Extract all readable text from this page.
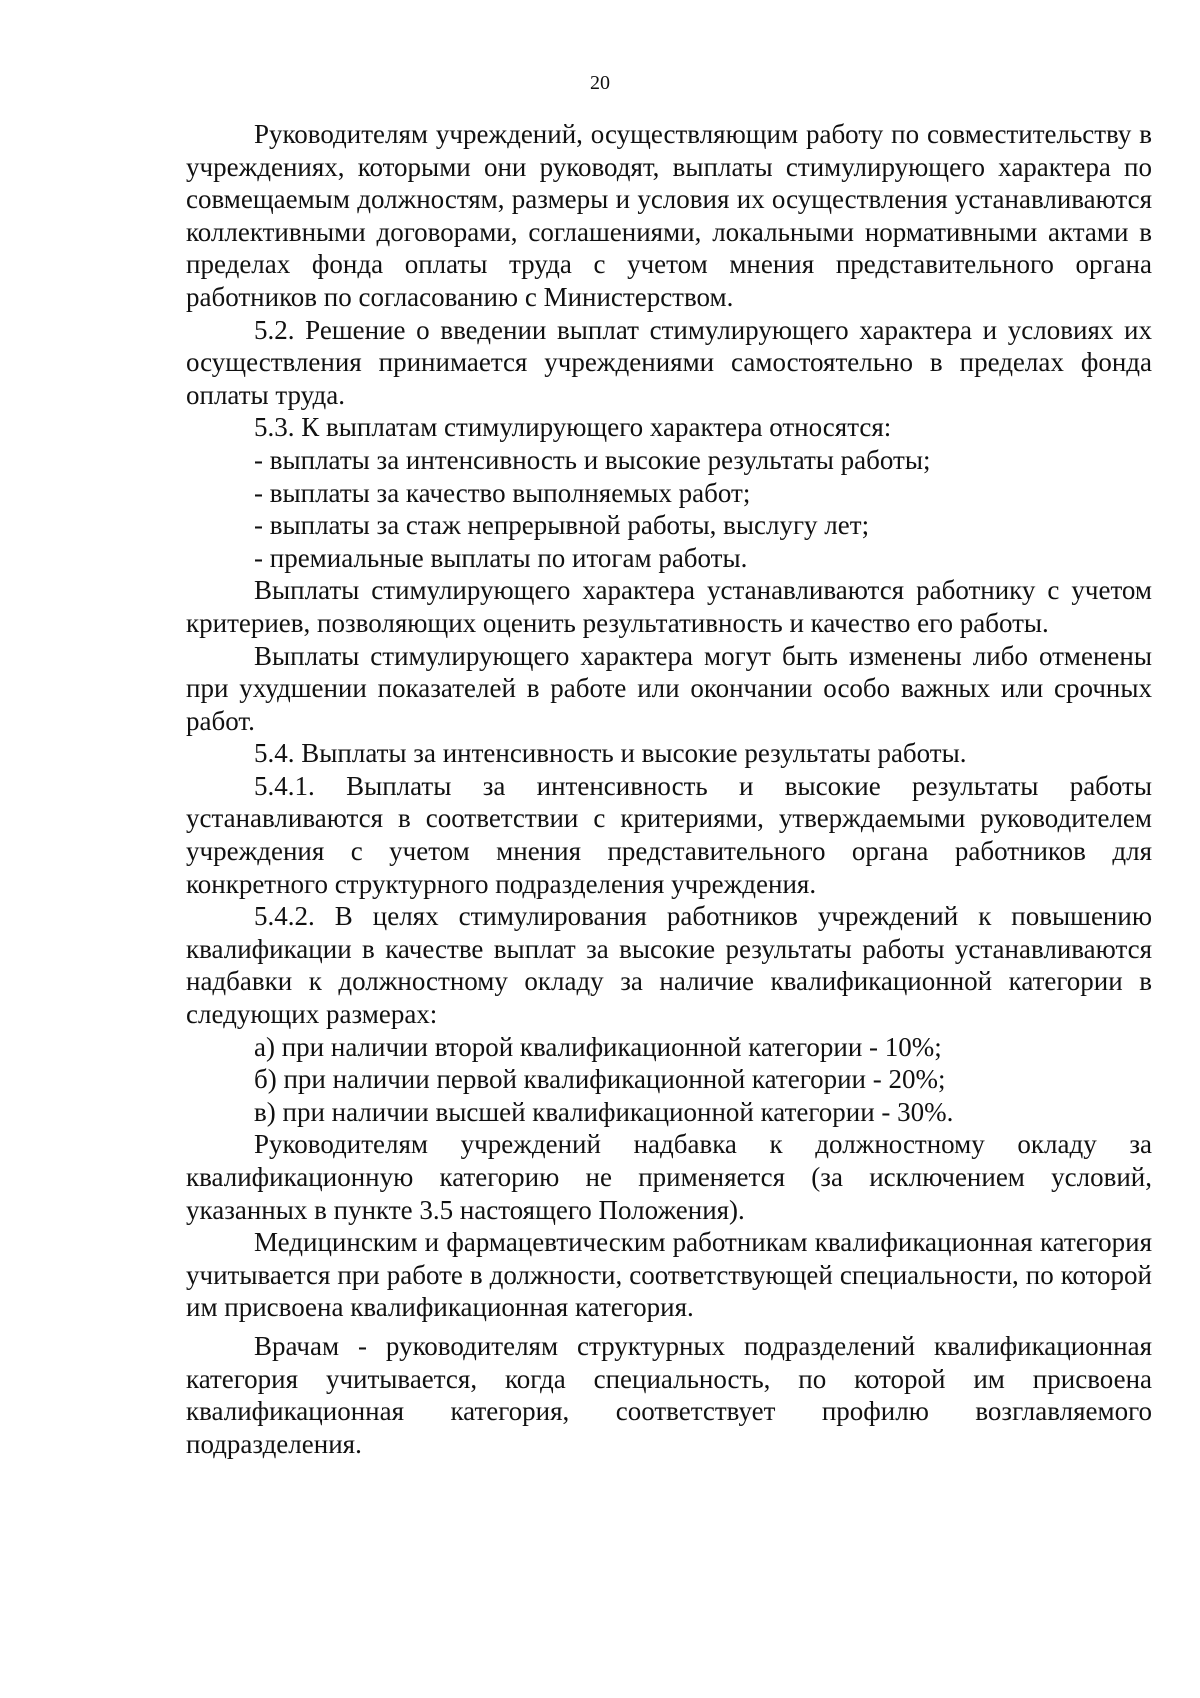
20

Руководителям учреждений, осуществляющим работу по совместительству в учреждениях, которыми они руководят, выплаты стимулирующего характера по совмещаемым должностям, размеры и условия их осуществления устанавливаются коллективными договорами, соглашениями, локальными нормативными актами в пределах фонда оплаты труда с учетом мнения представительного органа работников по согласованию с Министерством.

5.2. Решение о введении выплат стимулирующего характера и условиях их осуществления принимается учреждениями самостоятельно в пределах фонда оплаты труда.

5.3. К выплатам стимулирующего характера относятся:

- выплаты за интенсивность и высокие результаты работы;

- выплаты за качество выполняемых работ;

- выплаты за стаж непрерывной работы, выслугу лет;

- премиальные выплаты по итогам работы.

Выплаты стимулирующего характера устанавливаются работнику с учетом критериев, позволяющих оценить результативность и качество его работы.

Выплаты стимулирующего характера могут быть изменены либо отменены при ухудшении показателей в работе или окончании особо важных или срочных работ.

5.4. Выплаты за интенсивность и высокие результаты работы.

5.4.1. Выплаты за интенсивность и высокие результаты работы устанавливаются в соответствии с критериями, утверждаемыми руководителем учреждения с учетом мнения представительного органа работников для конкретного структурного подразделения учреждения.

5.4.2. В целях стимулирования работников учреждений к повышению квалификации в качестве выплат за высокие результаты работы устанавливаются надбавки к должностному окладу за наличие квалификационной категории в следующих размерах:

а) при наличии второй квалификационной категории - 10%;

б) при наличии первой квалификационной категории - 20%;

в) при наличии высшей квалификационной категории - 30%.

Руководителям учреждений надбавка к должностному окладу за квалификационную категорию не применяется (за исключением условий, указанных в пункте 3.5 настоящего Положения).

Медицинским и фармацевтическим работникам квалификационная категория учитывается при работе в должности, соответствующей специальности, по которой им присвоена квалификационная категория.

Врачам - руководителям структурных подразделений квалификационная категория учитывается, когда специальность, по которой им присвоена квалификационная категория, соответствует профилю возглавляемого подразделения.
